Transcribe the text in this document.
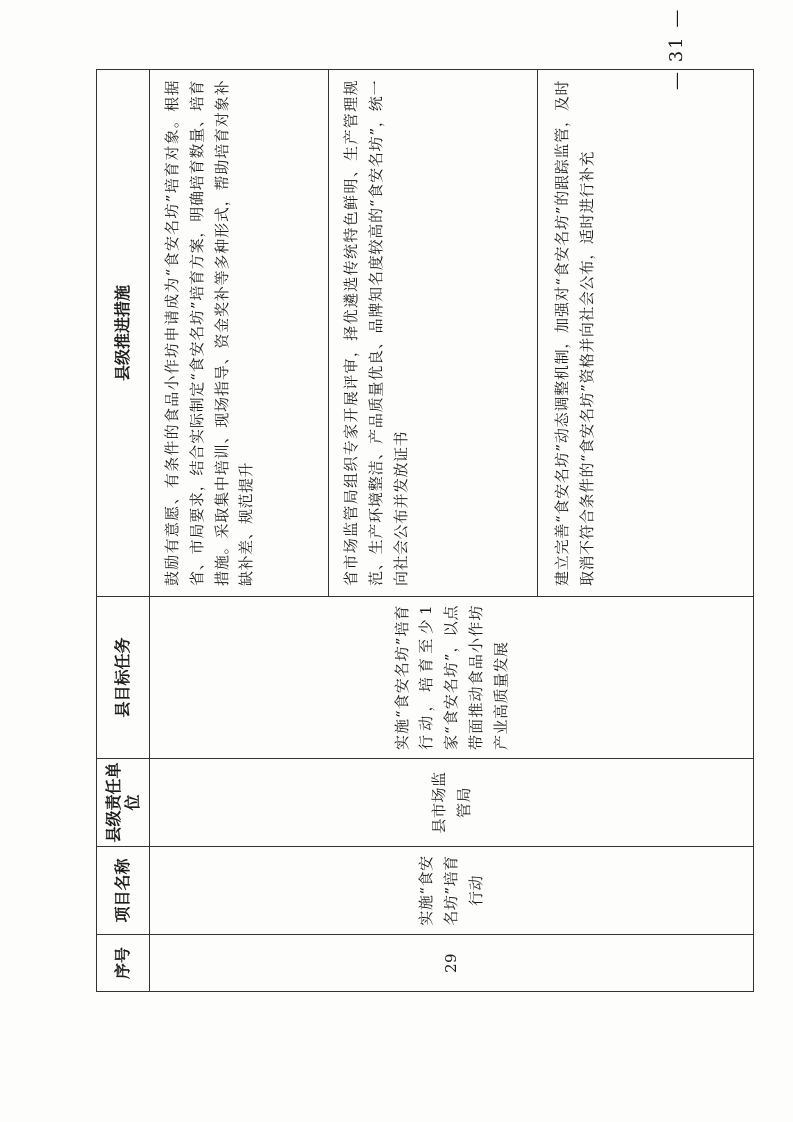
序号	项目名称	县级责任单位	县目标任务	县级推进措施
29	实施“食安名坊”培育行动	县市场监管局	实施“食安名坊”培育行动，培育至少1家“食安名坊”，以点带面推动食品小作坊产业高质量发展	鼓励有意愿、有条件的食品小作坊申请成为“食安名坊”培育对象。根据省、市局要求，结合实际制定“食安名坊”培育方案，明确培育数量、培育措施。采取集中培训、现场指导、资金奖补等多种形式，帮助培育对象补缺补差、规范提升
				省市场监管局组织专家开展评审，择优遴选传统特色鲜明、生产管理规范、生产环境整洁、产品质量优良、品牌知名度较高的“食安名坊”，统一向社会公布并发放证书
				建立完善“食安名坊”动态调整机制，加强对“食安名坊”的跟踪监管，及时取消不符合条件的“食安名坊”资格并向社会公布，适时进行补充
— 31 —
